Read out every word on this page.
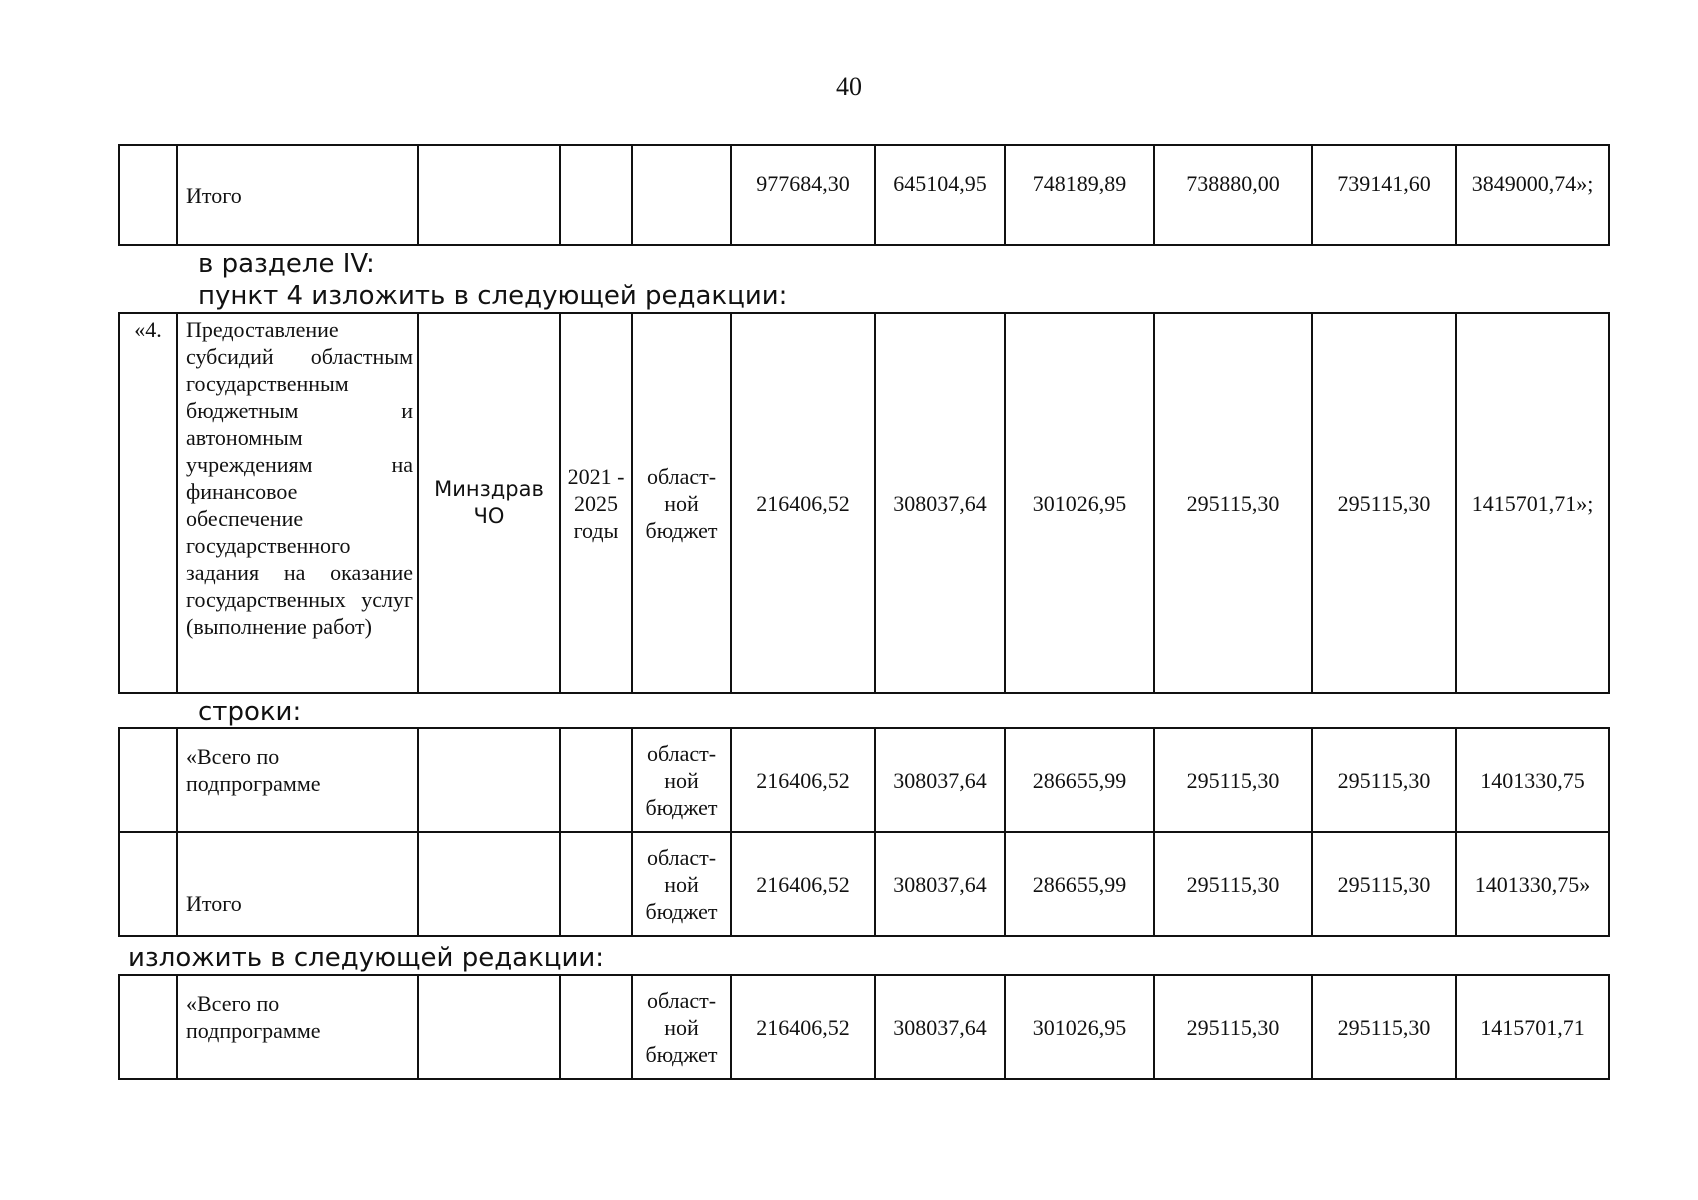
40
	Итого				977684,30	645104,95	748189,89	738880,00	739141,60	3849000,74»;
в разделе IV:
пункт 4 изложить в следующей редакции:
«4.	Предоставление субсидий областным государственным бюджетным и автономным учреждениям на финансовое обеспечение государственного задания на оказание государственных услуг (выполнение работ)	Минздрав ЧО	2021 - 2025 годы	област- ной бюджет	216406,52	308037,64	301026,95	295115,30	295115,30	1415701,71»;
строки:
	«Всего по подпрограмме			област- ной бюджет	216406,52	308037,64	286655,99	295115,30	295115,30	1401330,75
	Итого			област- ной бюджет	216406,52	308037,64	286655,99	295115,30	295115,30	1401330,75»
изложить в следующей редакции:
	«Всего по подпрограмме			област- ной бюджет	216406,52	308037,64	301026,95	295115,30	295115,30	1415701,71
